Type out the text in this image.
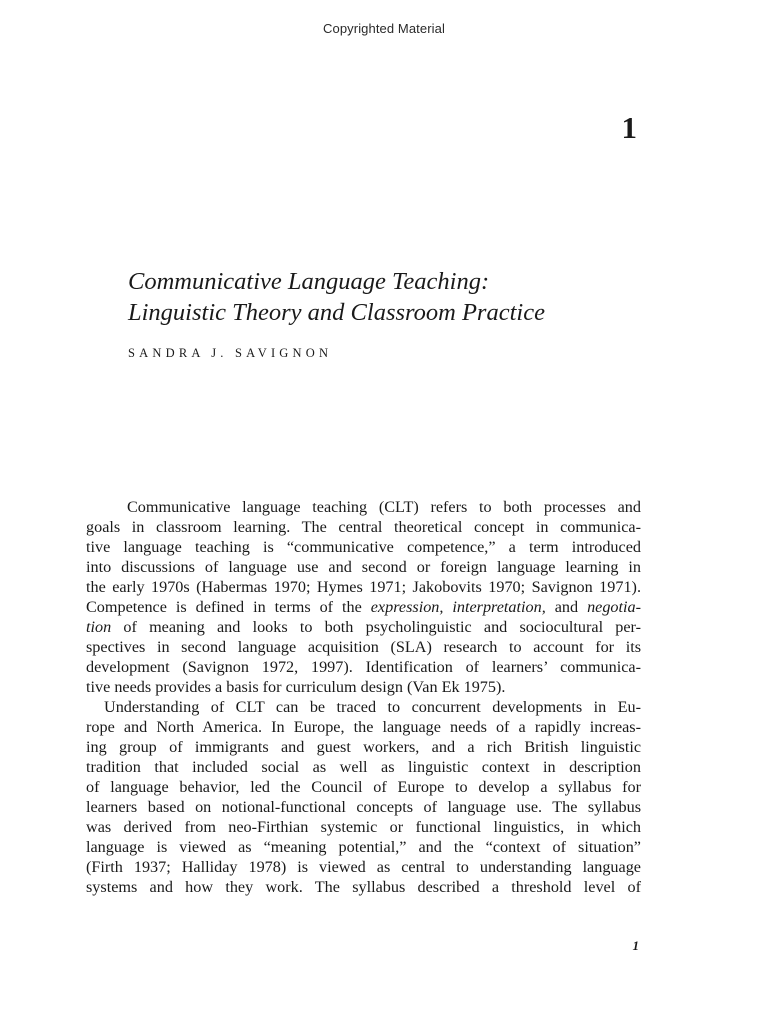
Copyrighted Material
1
Communicative Language Teaching:
Linguistic Theory and Classroom Practice
SANDRA J. SAVIGNON
Communicative language teaching (CLT) refers to both processes and
goals in classroom learning. The central theoretical concept in communica-
tive language teaching is “communicative competence,” a term introduced
into discussions of language use and second or foreign language learning in
the early 1970s (Habermas 1970; Hymes 1971; Jakobovits 1970; Savignon 1971).
Competence is defined in terms of the expression, interpretation, and negotia-
tion of meaning and looks to both psycholinguistic and sociocultural per-
spectives in second language acquisition (SLA) research to account for its
development (Savignon 1972, 1997). Identification of learners’ communica-
tive needs provides a basis for curriculum design (Van Ek 1975).
Understanding of CLT can be traced to concurrent developments in Eu-
rope and North America. In Europe, the language needs of a rapidly increas-
ing group of immigrants and guest workers, and a rich British linguistic
tradition that included social as well as linguistic context in description
of language behavior, led the Council of Europe to develop a syllabus for
learners based on notional-functional concepts of language use. The syllabus
was derived from neo-Firthian systemic or functional linguistics, in which
language is viewed as “meaning potential,” and the “context of situation”
(Firth 1937; Halliday 1978) is viewed as central to understanding language
systems and how they work. The syllabus described a threshold level of
1
